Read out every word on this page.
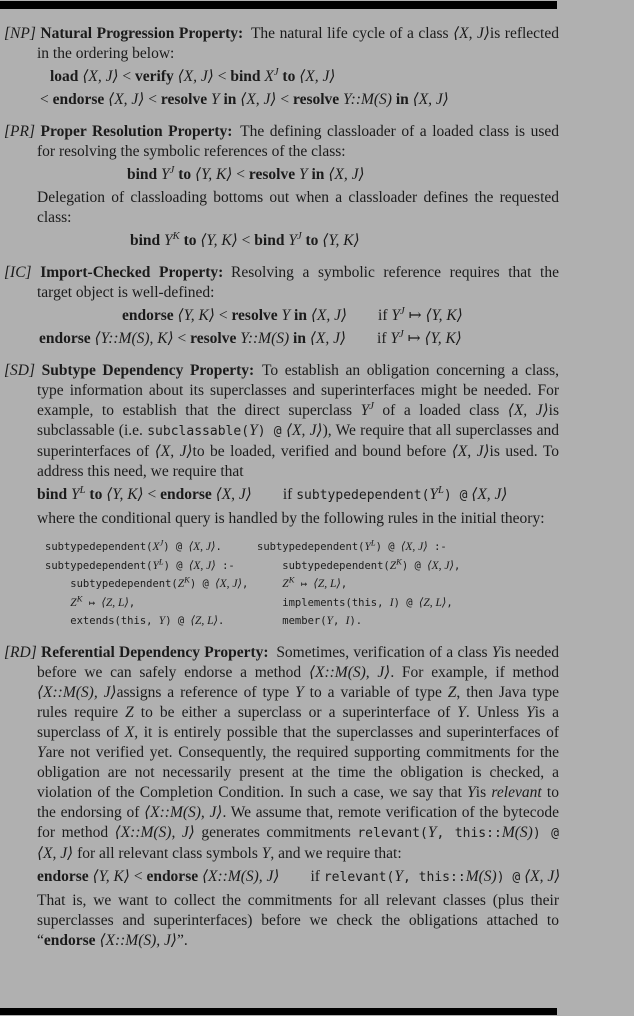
[NP] Natural Progression Property:  The natural life cycle of a class ⟨X, J⟩is reflected in the ordering below:
load ⟨X, J⟩ < verify ⟨X, J⟩ < bind $X^J$ to ⟨X, J⟩
< endorse ⟨X, J⟩ < resolve Y in ⟨X, J⟩ < resolve Y::M(S) in ⟨X, J⟩
[PR] Proper Resolution Property:  The defining classloader of a loaded class is used for resolving the symbolic references of the class:
bind $Y^J$ to ⟨Y, K⟩ < resolve Y in ⟨X, J⟩
Delegation of classloading bottoms out when a classloader defines the requested class:
bind $Y^K$ to ⟨Y, K⟩ < bind $Y^J$ to ⟨Y, K⟩
[IC] Import-Checked Property:  Resolving a symbolic reference requires that the target object is well-defined:
endorse ⟨Y, K⟩ < resolve Y in ⟨X, J⟩  if $Y^J$ ↦ ⟨Y, K⟩
endorse ⟨Y::M(S), K⟩ < resolve Y::M(S) in ⟨X, J⟩  if $Y^J$ ↦ ⟨Y, K⟩
[SD] Subtype Dependency Property:  To establish an obligation concerning a class, type information about its superclasses and superinterfaces might be needed. For example, to establish that the direct superclass $Y^J$ of a loaded class ⟨X, J⟩is subclassable (i.e. subclassable(Y) @ ⟨X, J⟩), We require that all superclasses and superinterfaces of ⟨X, J⟩to be loaded, verified and bound before ⟨X, J⟩is used. To address this need, we require that
bind $Y^L$ to ⟨Y, K⟩ < endorse ⟨X, J⟩  if $subtypedependent(Y^L)$ @ ⟨X, J⟩
where the conditional query is handled by the following rules in the initial theory:
$subtypedependent(X^J)$ @ ⟨X, J⟩.
$subtypedependent(Y^L)$ @ ⟨X, J⟩ :-
$subtypedependent(Z^K)$ @ ⟨X, J⟩,
$Z^K$ ↦ ⟨Z, L⟩,
extends(this, Y) @ ⟨Z, L⟩.
$subtypedependent(Y^L)$ @ ⟨X, J⟩ :-
$subtypedependent(Z^K)$ @ ⟨X, J⟩,
$Z^K$ ↦ ⟨Z, L⟩,
implements(this, I) @ ⟨Z, L⟩,
member(Y, I).
[RD] Referential Dependency Property:  Sometimes, verification of a class Yis needed before we can safely endorse a method ⟨X::M(S), J⟩. For example, if method ⟨X::M(S), J⟩assigns a reference of type Y to a variable of type Z, then Java type rules require Z to be either a superclass or a superinterface of Y. Unless Yis a superclass of X, it is entirely possible that the superclasses and superinterfaces of Yare not verified yet. Consequently, the required supporting commitments for the obligation are not necessarily present at the time the obligation is checked, a violation of the Completion Condition. In such a case, we say that Yis relevant to the endorsing of ⟨X::M(S), J⟩. We assume that, remote verification of the bytecode for method ⟨X::M(S), J⟩ generates commitments relevant(Y, this::M(S)) @ ⟨X, J⟩ for all relevant class symbols Y, and we require that:
endorse ⟨Y, K⟩ < endorse ⟨X::M(S), J⟩  if relevant(Y, this::M(S)) @ ⟨X, J⟩
That is, we want to collect the commitments for all relevant classes (plus their superclasses and superinterfaces) before we check the obligations attached to “endorse ⟨X::M(S), J⟩”.
